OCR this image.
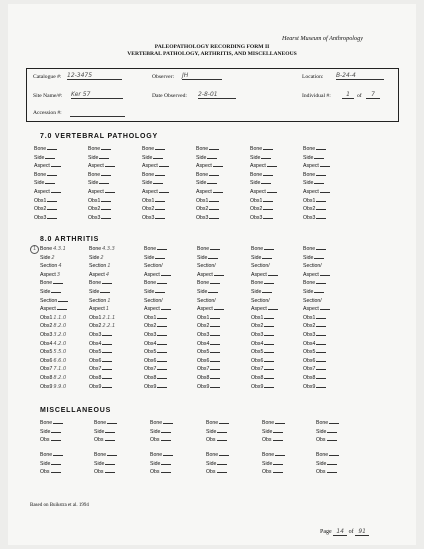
Hearst Museum of Anthropology
PALEOPATHOLOGY RECORDING FORM II
VERTEBRAL PATHOLOGY, ARTHRITIS, AND MISCELLANEOUS
Catalogue #: 12-3475	Observer: JH	Location: B-24-4
Site Name/#: Ker 57	Date Observed: 2-8-01	Individual #:	1	of	7
Accession #:
7.0 VERTEBRAL PATHOLOGY
Bone
Side
Aspect
Bone
Side
Aspect
Obs1
Obs2
Obs3
Bone
Side
Aspect
Bone
Side
Aspect
Obs1
Obs2
Obs3
Bone
Side
Aspect
Bone
Side
Aspect
Obs1
Obs2
Obs3
Bone
Side
Aspect
Bone
Side
Aspect
Obs1
Obs2
Obs3
Bone
Side
Aspect
Bone
Side
Aspect
Obs1
Obs2
Obs3
Bone
Side
Aspect
Bone
Side
Aspect
Obs1
Obs2
Obs3
8.0 ARTHRITIS
1 Bone4.3.1
Side2
Section4
Aspect3
Bone
Side
Section
Aspect
Obs11.1.0
Obs28.2.0
Obs33.2.0
Obs44.2.0
Obs55.5.0
Obs66.6.0
Obs77.1.0
Obs88.2.0
Obs99.9.0
Bone4.3.3
Side2
Section1
Aspect4
Bone
Side
Section1
Aspect1
Obs12.1.1
Obs22.2.1
Obs3
Obs4
Obs5
Obs6
Obs7
Obs8
Obs9
Bone
Side
Section/
Aspect
Bone
Side
Section/
Aspect
Obs1
Obs2
Obs3
Obs4
Obs5
Obs6
Obs7
Obs8
Obs9
Bone
Side
Section/
Aspect
Bone
Side
Section/
Aspect
Obs1
Obs2
Obs3
Obs4
Obs5
Obs6
Obs7
Obs8
Obs9
Bone
Side
Section/
Aspect
Bone
Side
Section/
Aspect
Obs1
Obs2
Obs3
Obs4
Obs5
Obs6
Obs7
Obs8
Obs9
Bone
Side
Section/
Aspect
Bone
Side
Section/
Aspect
Obs1
Obs2
Obs3
Obs4
Obs5
Obs6
Obs7
Obs8
Obs9
MISCELLANEOUS
Bone
Side
Obs
Bone
Side
Obs
Bone
Side
Obs
Bone
Side
Obs
Bone
Side
Obs
Bone
Side
Obs
Bone
Side
Obs
Bone
Side
Obs
Bone
Side
Obs
Bone
Side
Obs
Bone
Side
Obs
Bone
Side
Obs
Based on Buikstra et al. 1994
Page 14 of 91
